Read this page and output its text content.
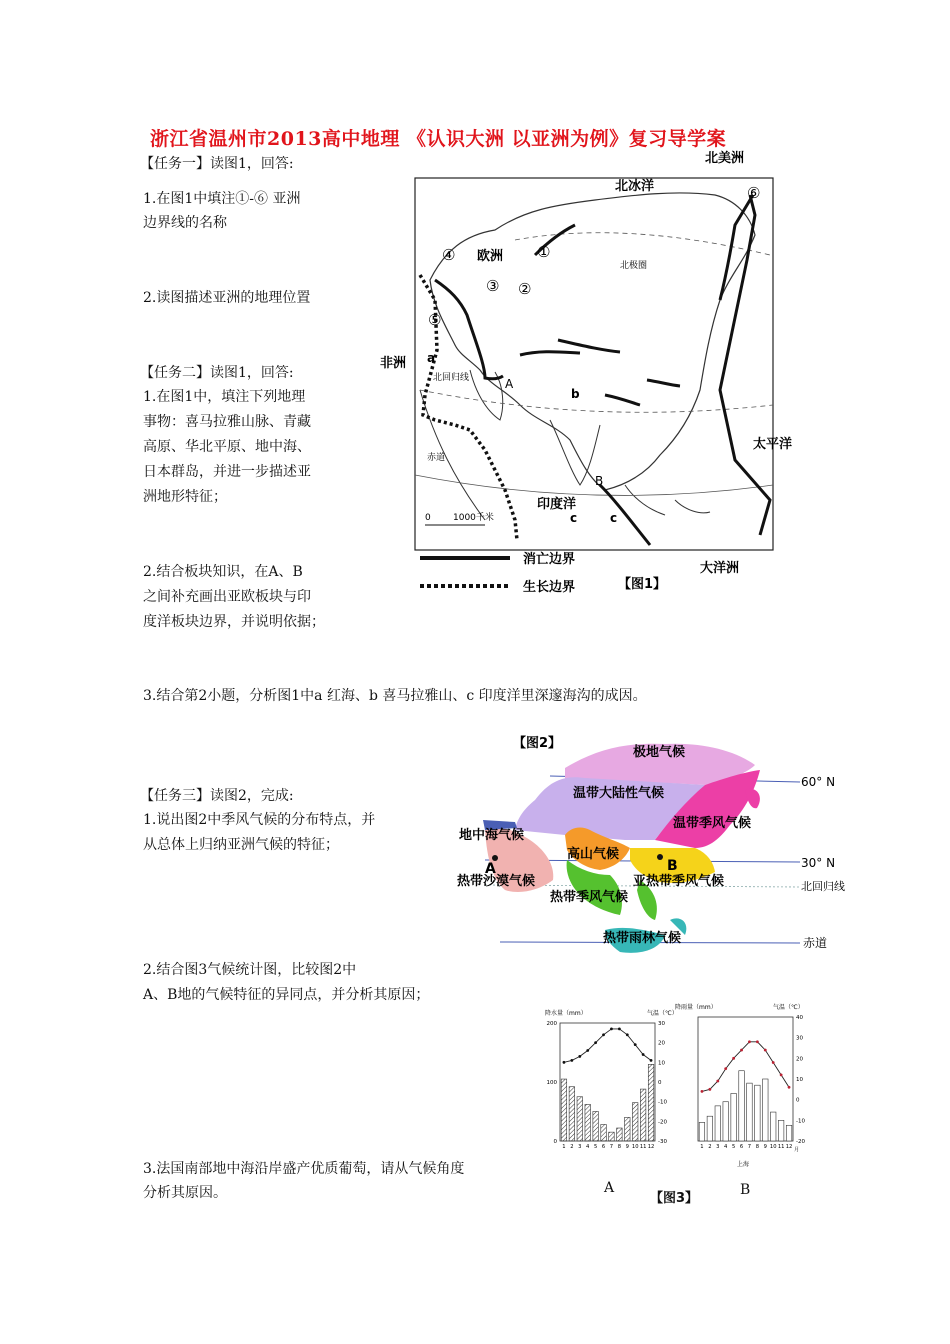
浙江省温州市2013高中地理 《认识大洲 以亚洲为例》复习导学案
【任务一】读图1，回答:
1.在图1中填注①-⑥ 亚洲
边界线的名称
2.读图描述亚洲的地理位置
【任务二】读图1，回答:
1.在图1中，填注下列地理
事物：喜马拉雅山脉、青藏
高原、华北平原、地中海、
日本群岛，并进一步描述亚
洲地形特征；
2.结合板块知识，在A、B
之间补充画出亚欧板块与印
度洋板块边界，并说明依据；
3.结合第2小题，分析图1中a 红海、b 喜马拉雅山、c 印度洋里深邃海沟的成因。
【任务三】读图2，完成:
1.说出图2中季风气候的分布特点，并
从总体上归纳亚洲气候的特征；
2.结合图3气候统计图，比较图2中
A、B地的气候特征的异同点，并分析其原因；
3.法国南部地中海沿岸盛产优质葡萄，请从气候角度
分析其原因。
0 1000千米
北美洲
北冰洋
欧洲
北极圈
非洲
北回归线
赤道
印度洋
太平洋
大洋洲
①
②
③
④
⑤
⑥
A
B
a
b
c	c
消亡边界
生长边界	【图1】
【图2】
极地气候
60° N
温带大陆性气候
温带季风气候
地中海气候
高山气候
30° N
A	B
热带沙漠气候	亚热带季风气候	北回归线
热带季风气候
热带雨林气候	赤道
降水量（mm）	气温（℃）
1 2 3 4 5 6 7 8 9 10 11 12
30
20
10
0
-10
-20
-30
200
100
0
降雨量（mm）	气温（℃）
上海
1 2 3 4 5 6 7 8 9 10 11 12
40
30
20
10
0
-10
-20
月
A
【图3】
B
